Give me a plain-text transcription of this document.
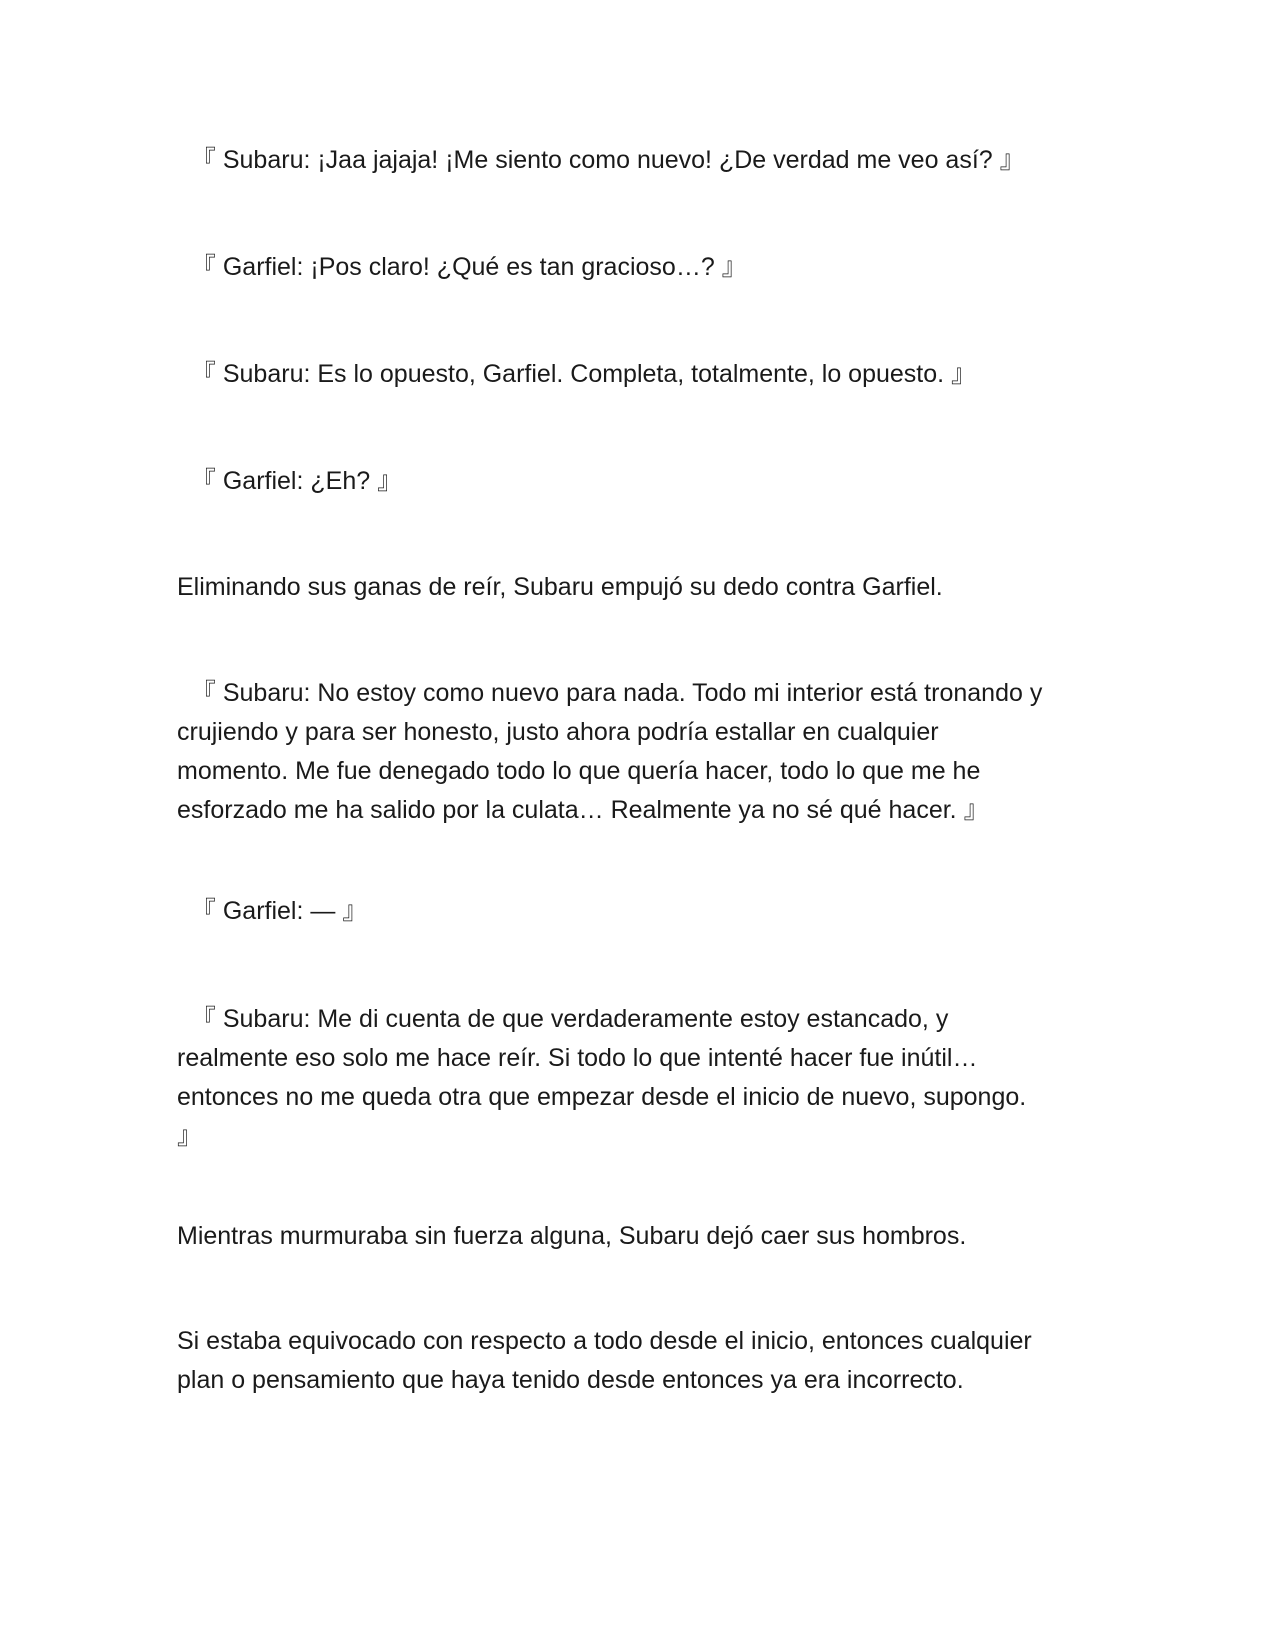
『 Subaru: ¡Jaa jajaja! ¡Me siento como nuevo! ¿De verdad me veo así? 』

『 Garfiel: ¡Pos claro! ¿Qué es tan gracioso…? 』

『 Subaru: Es lo opuesto, Garfiel. Completa, totalmente, lo opuesto. 』

『 Garfiel: ¿Eh? 』

Eliminando sus ganas de reír, Subaru empujó su dedo contra Garfiel.

『 Subaru: No estoy como nuevo para nada. Todo mi interior está tronando y
crujiendo y para ser honesto, justo ahora podría estallar en cualquier
momento. Me fue denegado todo lo que quería hacer, todo lo que me he
esforzado me ha salido por la culata… Realmente ya no sé qué hacer. 』

『 Garfiel: — 』

『 Subaru: Me di cuenta de que verdaderamente estoy estancado, y
realmente eso solo me hace reír. Si todo lo que intenté hacer fue inútil…
entonces no me queda otra que empezar desde el inicio de nuevo, supongo.
』

Mientras murmuraba sin fuerza alguna, Subaru dejó caer sus hombros.

Si estaba equivocado con respecto a todo desde el inicio, entonces cualquier
plan o pensamiento que haya tenido desde entonces ya era incorrecto.
